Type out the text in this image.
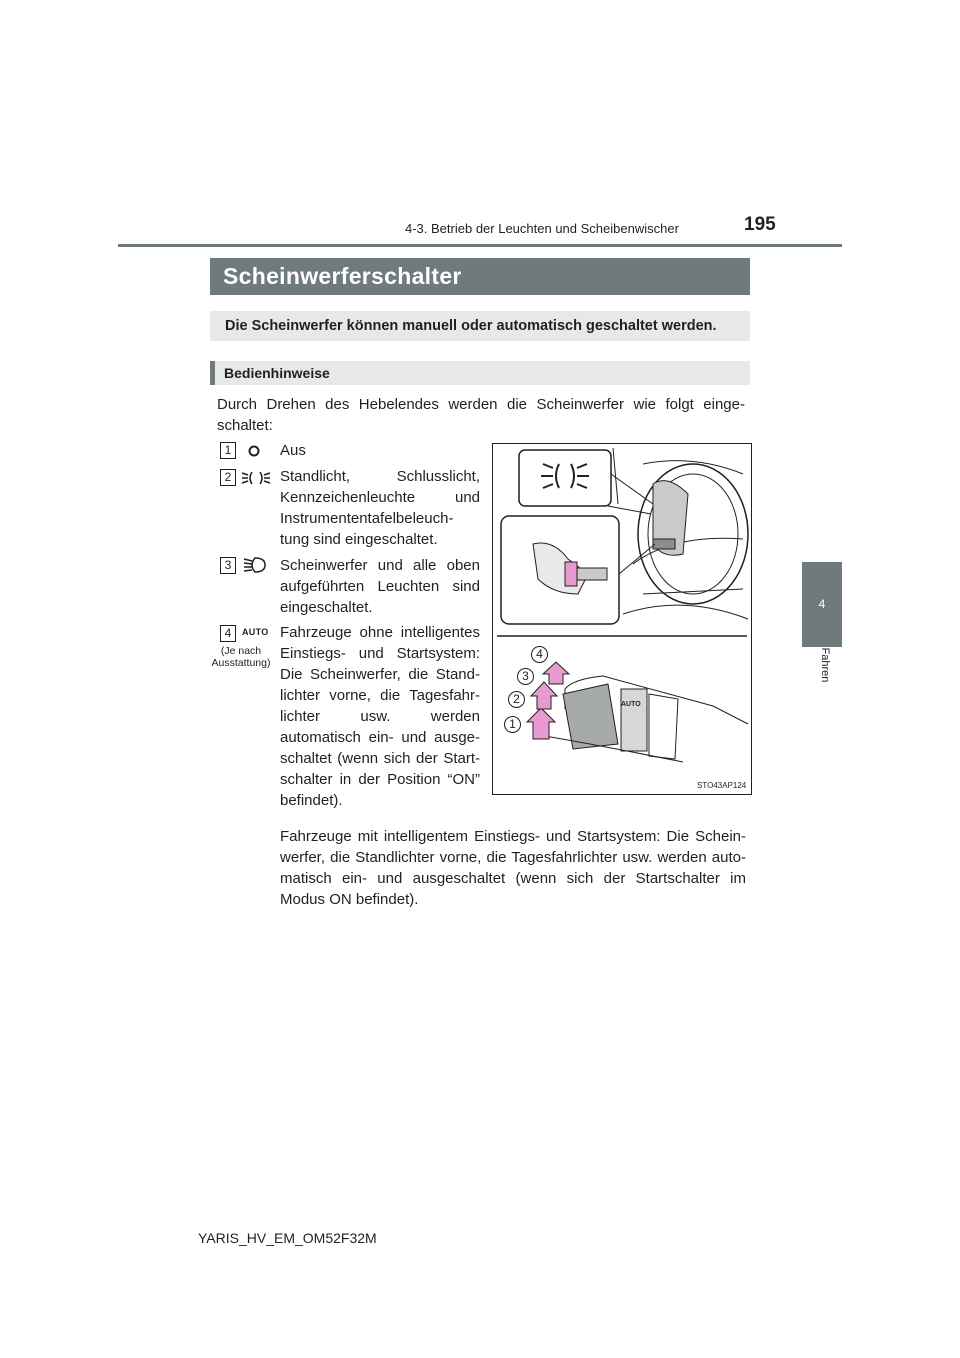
4-3. Betrieb der Leuchten und Scheibenwischer	195
4
Fahren
Scheinwerferschalter
Die Scheinwerfer können manuell oder automatisch geschaltet werden.
Bedienhinweise
Durch Drehen des Hebelendes werden die Scheinwerfer wie folgt einge-schaltet:
1	Aus
2	Standlicht, Schlusslicht, Kennzeichenleuchte und Instrumententafelbeleuch-tung sind eingeschaltet.
3	Scheinwerfer und alle oben aufgeführten Leuchten sind eingeschaltet.
4	AUTO
(Je nach Ausstattung)
Fahrzeuge ohne intelligentes Einstiegs- und Startsystem: Die Scheinwerfer, die Stand-lichter vorne, die Tagesfahr-lichter usw. werden automatisch ein- und ausge-schaltet (wenn sich der Start-schalter in der Position “ON” befindet).
1
2
3
4
AUTO
STO43AP124
Fahrzeuge mit intelligentem Einstiegs- und Startsystem: Die Schein-werfer, die Standlichter vorne, die Tagesfahrlichter usw. werden auto-matisch ein- und ausgeschaltet (wenn sich der Startschalter im Modus ON befindet).
YARIS_HV_EM_OM52F32M
